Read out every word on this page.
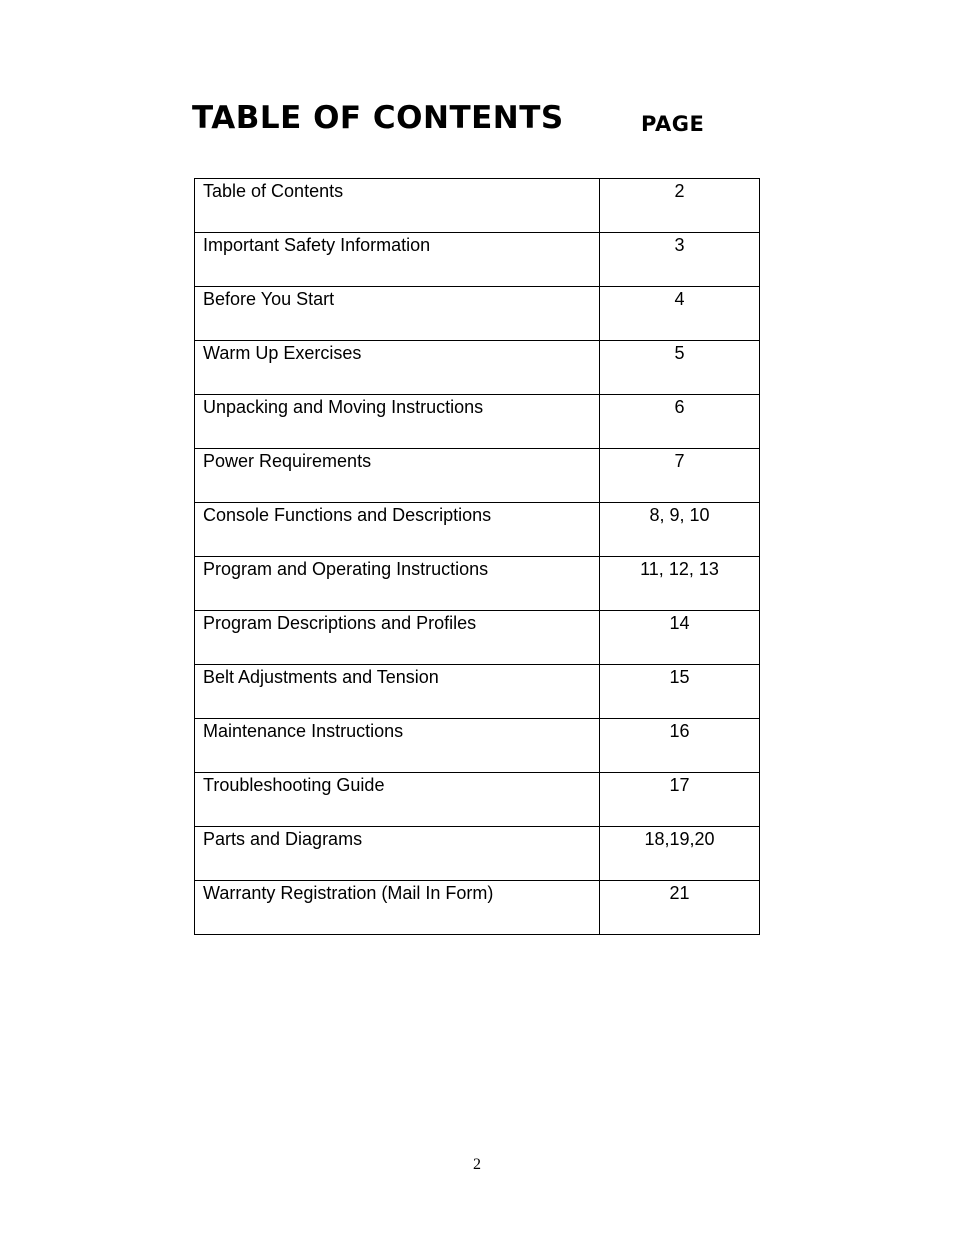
TABLE OF CONTENTS	PAGE
Table of Contents	2
Important Safety Information	3
Before You Start	4
Warm Up Exercises	5
Unpacking and Moving Instructions	6
Power Requirements	7
Console Functions and Descriptions	8, 9, 10
Program and Operating Instructions	11, 12, 13
Program Descriptions and Profiles	14
Belt Adjustments and Tension	15
Maintenance Instructions	16
Troubleshooting Guide	17
Parts and Diagrams	18,19,20
Warranty Registration (Mail In Form)	21
2
